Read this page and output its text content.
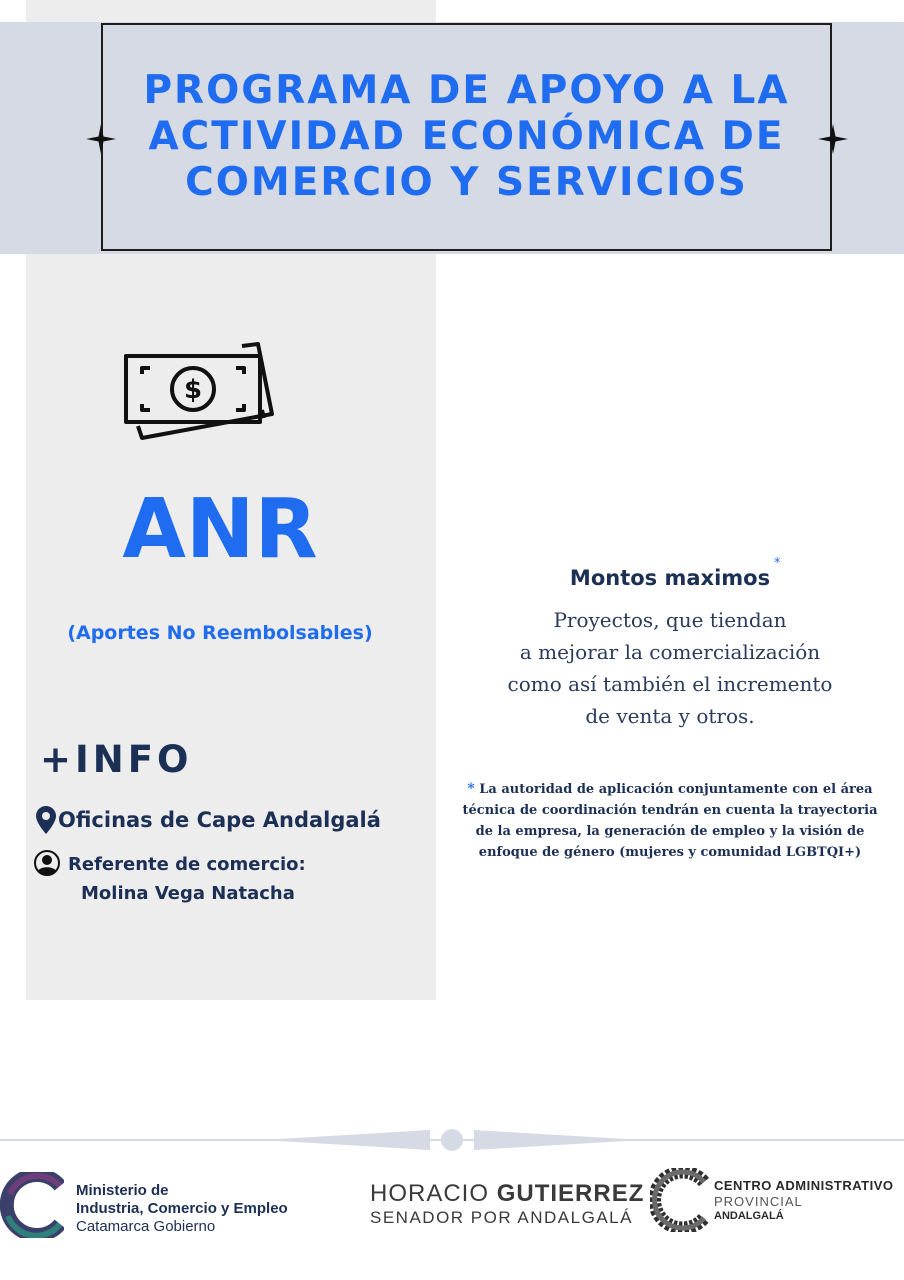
PROGRAMA DE APOYO A LA
ACTIVIDAD ECONÓMICA DE
COMERCIO Y SERVICIOS
$
ANR
(Aportes No Reembolsables)
+INFO
Oficinas de Cape Andalgalá
Referente de comercio:
Molina Vega Natacha
Montos maximos
*
Proyectos, que tiendan
a mejorar la comercialización
como así también el incremento
de venta y otros.
* La autoridad de aplicación conjuntamente con el área
técnica de coordinación tendrán en cuenta la trayectoria
de la empresa, la generación de empleo y la visión de
enfoque de género (mujeres y comunidad LGBTQI+)
Ministerio de
Industria, Comercio y Empleo
Catamarca Gobierno
HORACIO GUTIERREZ
SENADOR POR ANDALGALÁ
CENTRO ADMINISTRATIVO
PROVINCIAL
ANDALGALÁ
